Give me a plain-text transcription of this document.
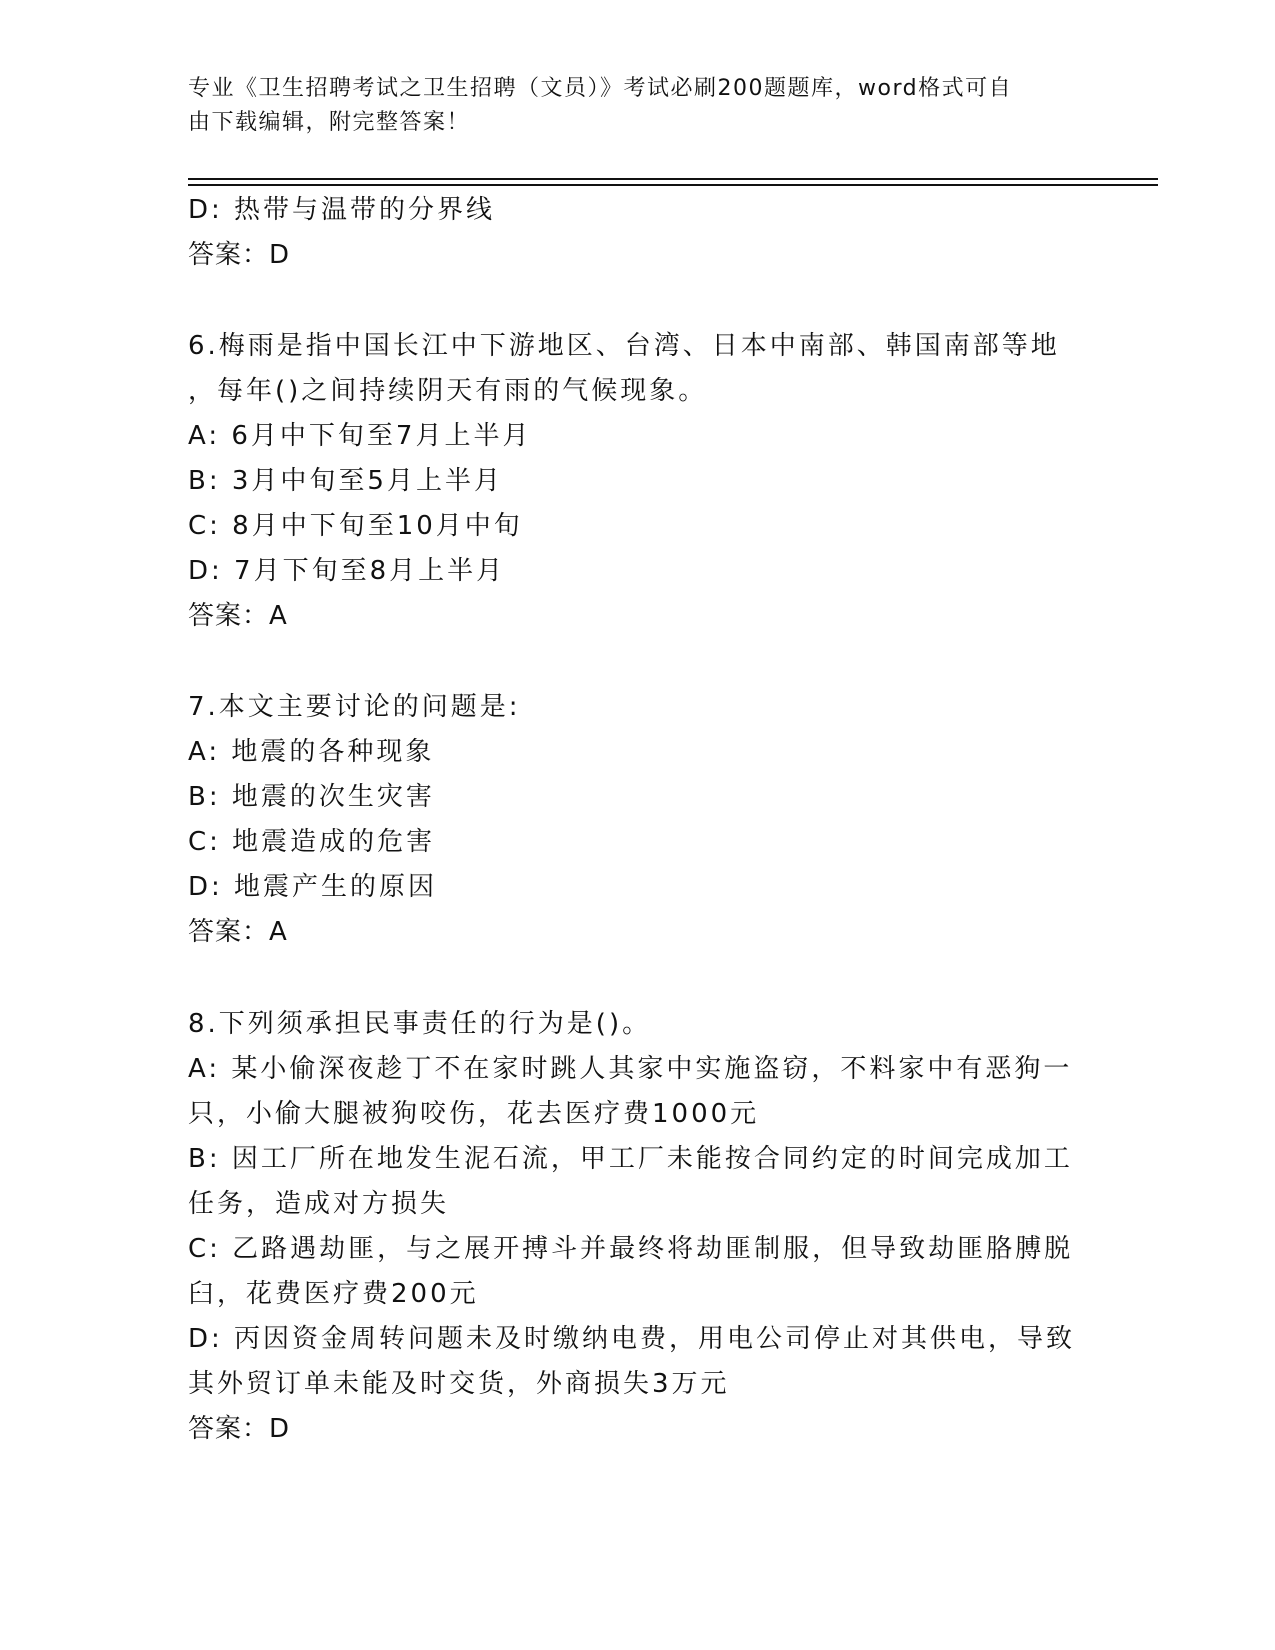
专业《卫生招聘考试之卫生招聘（文员）》考试必刷200题题库，word格式可自
由下载编辑，附完整答案！
D: 热带与温带的分界线
答案：D
6.梅雨是指中国长江中下游地区、台湾、日本中南部、韩国南部等地
，每年()之间持续阴天有雨的气候现象。
A: 6月中下旬至7月上半月
B: 3月中旬至5月上半月
C: 8月中下旬至10月中旬
D: 7月下旬至8月上半月
答案：A
7.本文主要讨论的问题是:
A: 地震的各种现象
B: 地震的次生灾害
C: 地震造成的危害
D: 地震产生的原因
答案：A
8.下列须承担民事责任的行为是()。
A: 某小偷深夜趁丁不在家时跳人其家中实施盗窃，不料家中有恶狗一
只，小偷大腿被狗咬伤，花去医疗费1000元
B: 因工厂所在地发生泥石流，甲工厂未能按合同约定的时间完成加工
任务，造成对方损失
C: 乙路遇劫匪，与之展开搏斗并最终将劫匪制服，但导致劫匪胳膊脱
臼，花费医疗费200元
D: 丙因资金周转问题未及时缴纳电费，用电公司停止对其供电，导致
其外贸订单未能及时交货，外商损失3万元
答案：D
